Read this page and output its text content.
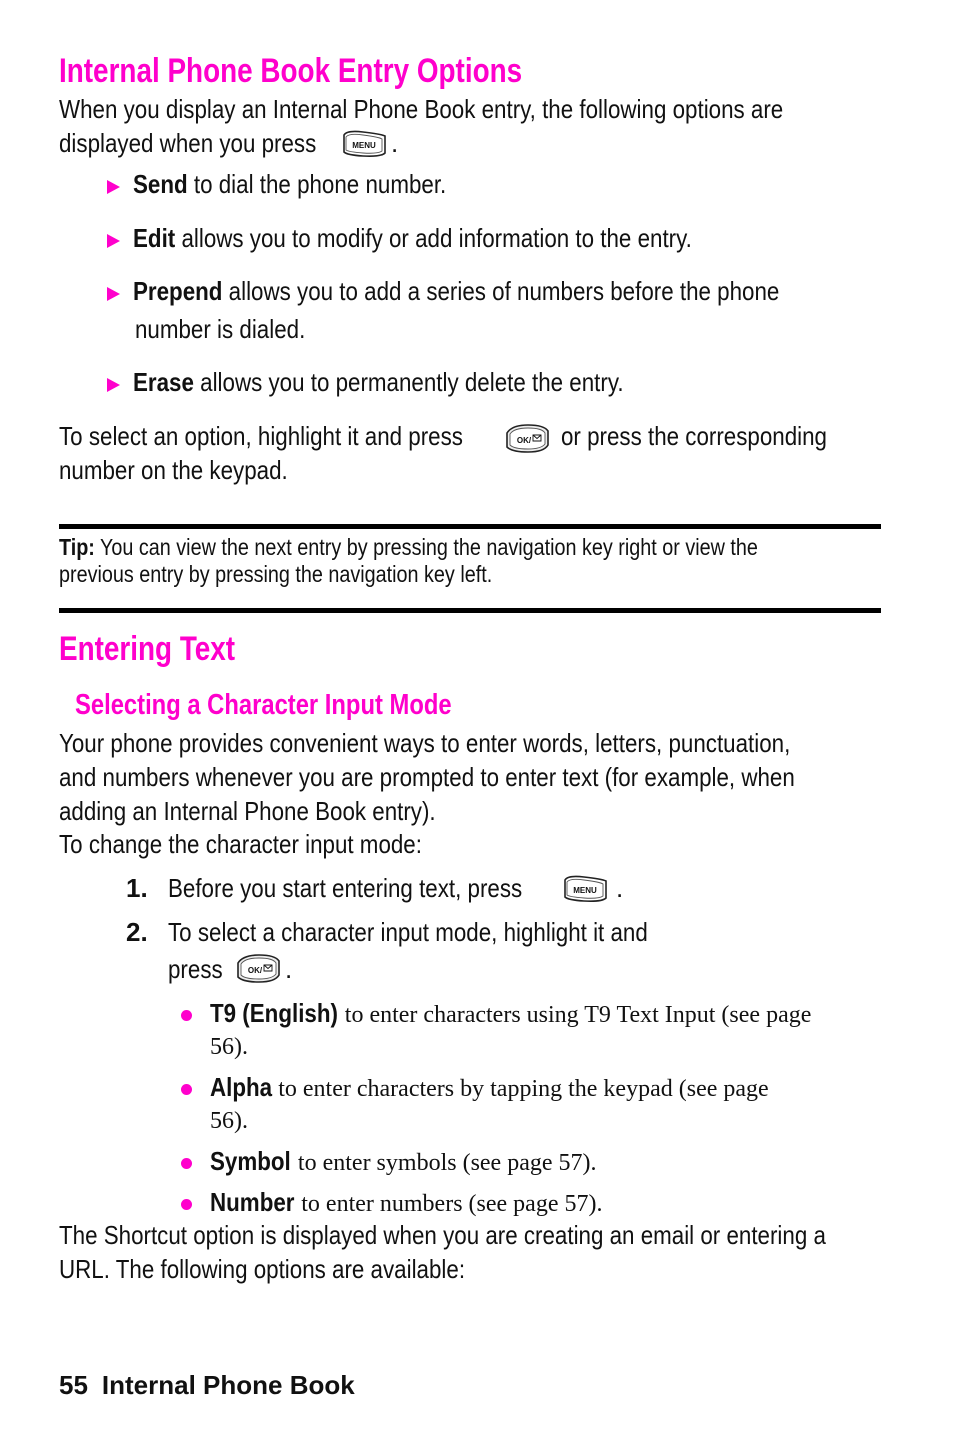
Internal Phone Book Entry Options
When you display an Internal Phone Book entry, the following options are
displayed when you press	MENU .
Send to dial the phone number.
Edit allows you to modify or add information to the entry.
Prepend allows you to add a series of numbers before the phone
number is dialed.
Erase allows you to permanently delete the entry.
To select an option, highlight it and press	OK/ or press the corresponding
number on the keypad.
Tip: You can view the next entry by pressing the navigation key right or view the
previous entry by pressing the navigation key left.
Entering Text
Selecting a Character Input Mode
Your phone provides convenient ways to enter words, letters, punctuation,
and numbers whenever you are prompted to enter text (for example, when
adding an Internal Phone Book entry).
To change the character input mode:
1. Before you start entering text, press	MENU .
2. To select a character input mode, highlight it and
press	OK/ .
T9 (English) to enter characters using T9 Text Input (see page
56).
Alpha to enter characters by tapping the keypad (see page
56).
Symbol to enter symbols (see page 57).
Number to enter numbers (see page 57).
The Shortcut option is displayed when you are creating an email or entering a
URL. The following options are available:
55 Internal Phone Book
